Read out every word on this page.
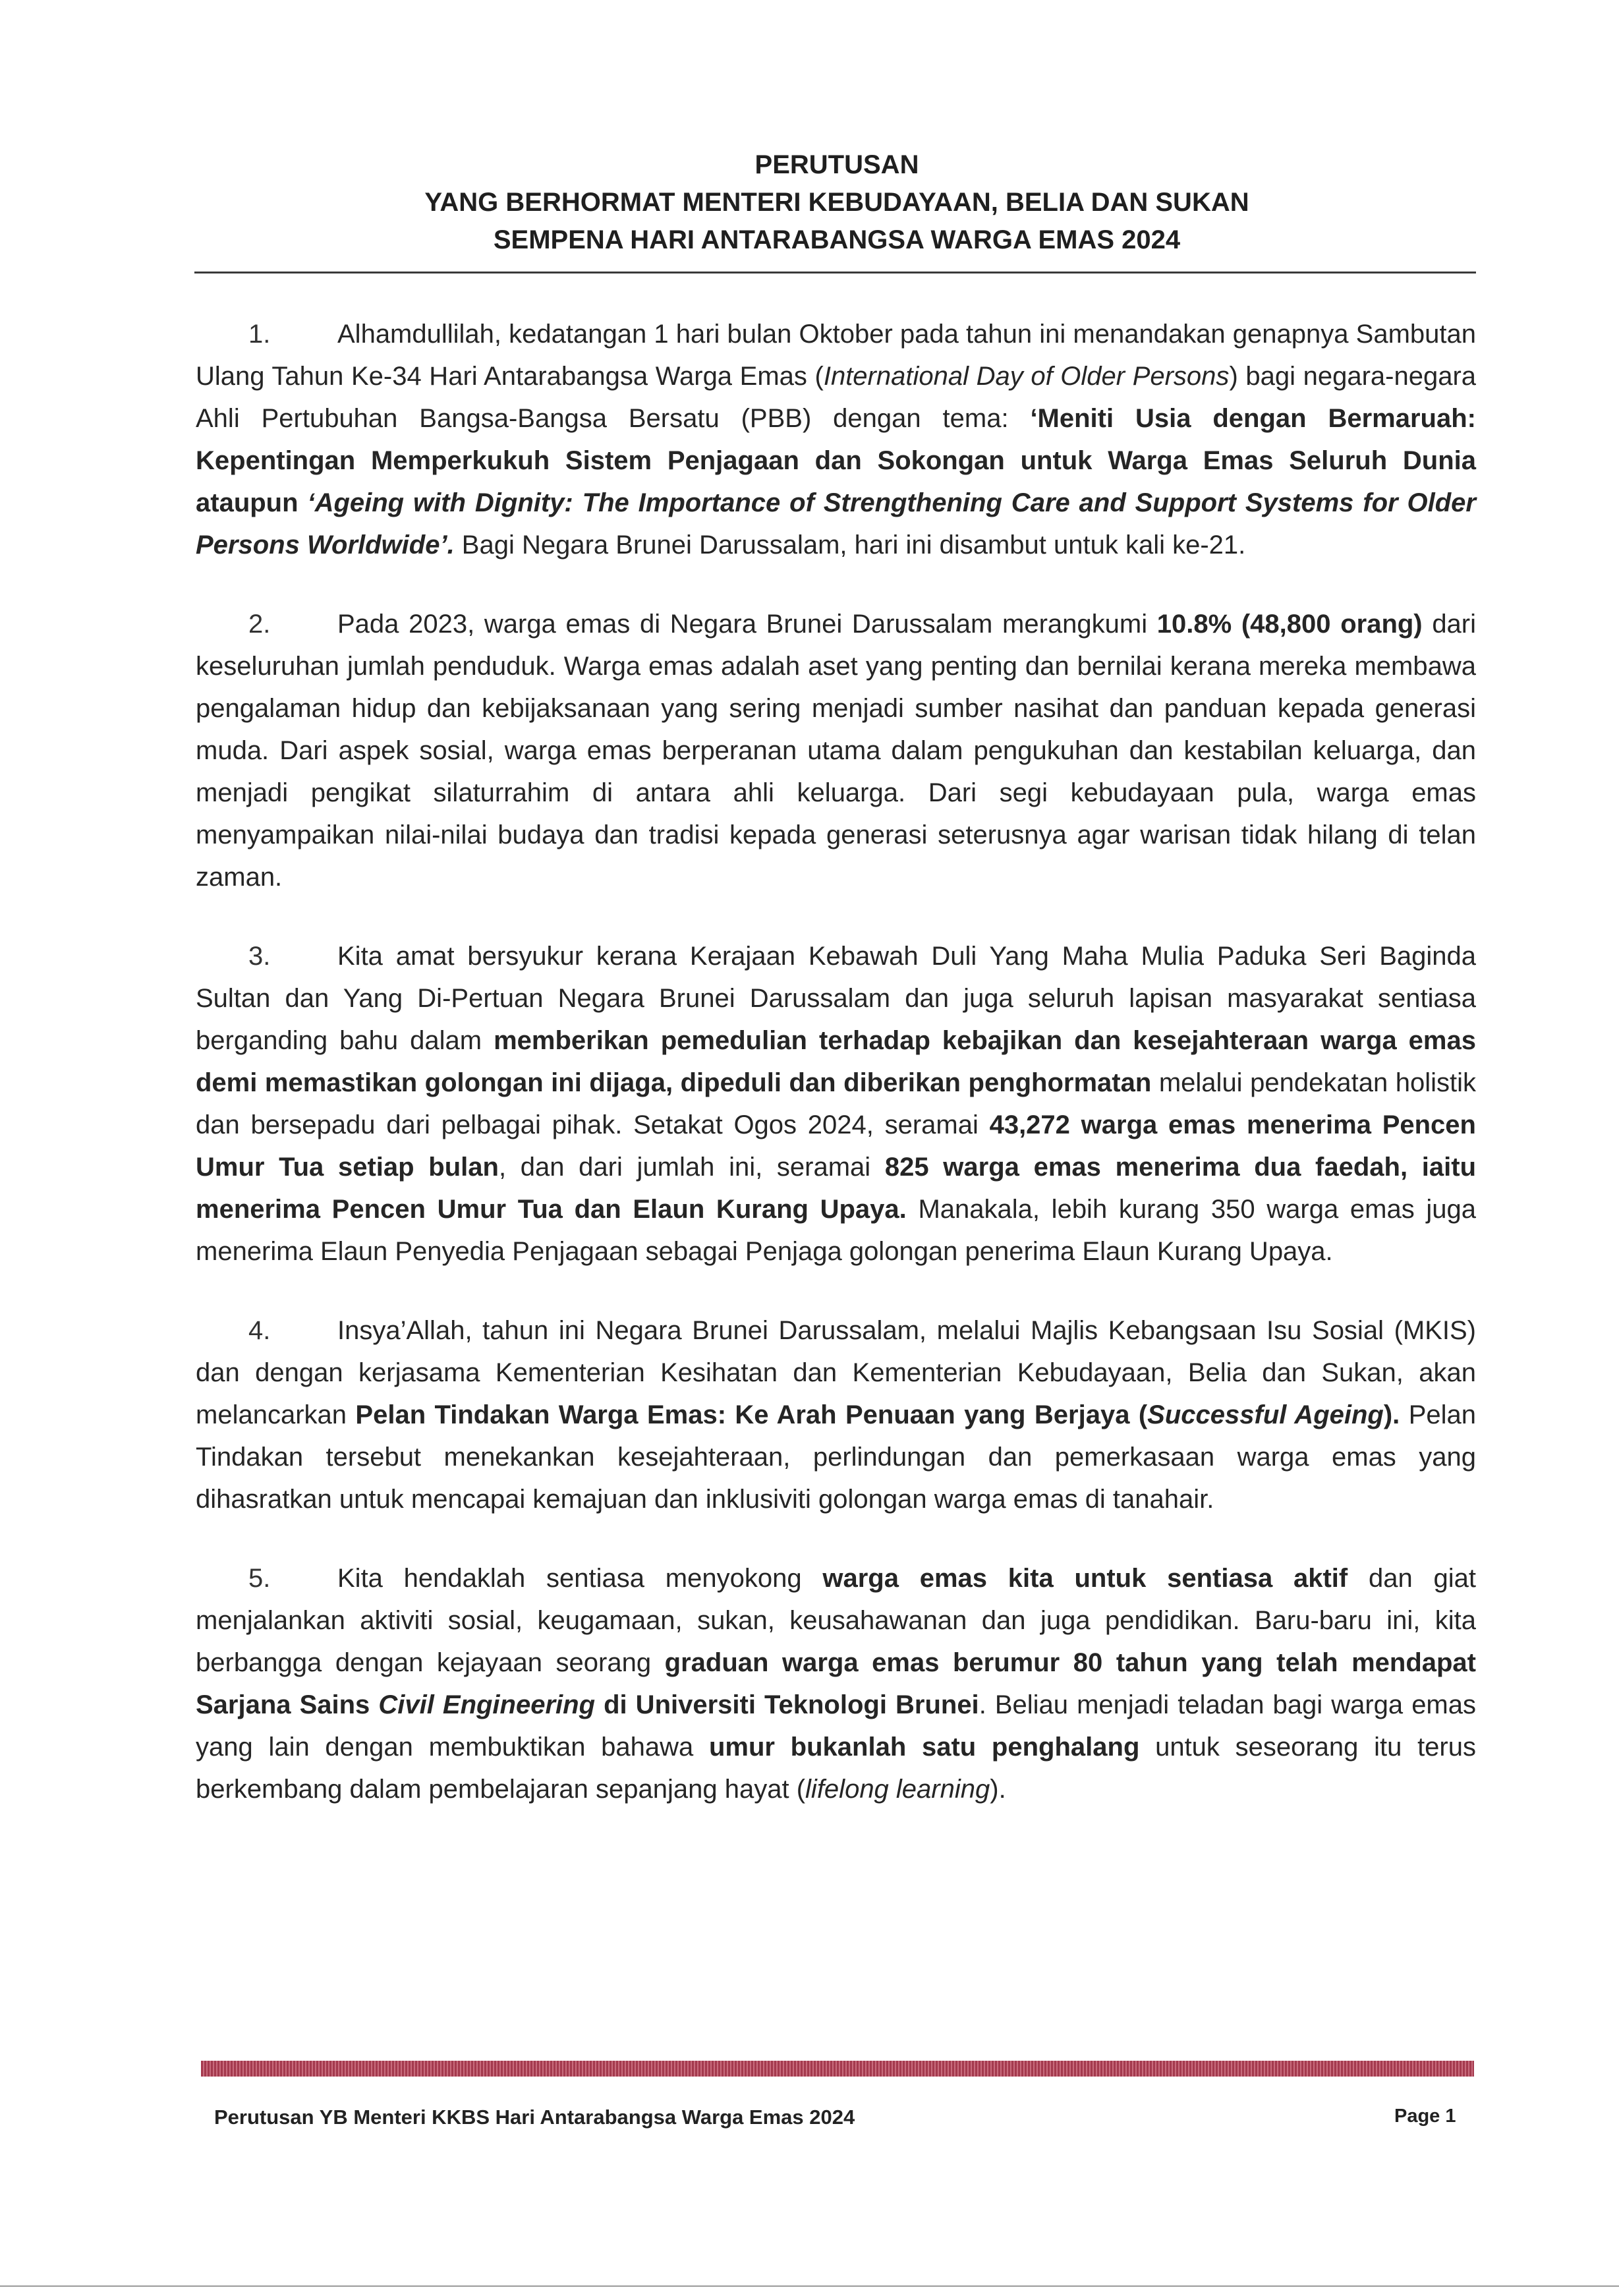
PERUTUSAN
YANG BERHORMAT MENTERI KEBUDAYAAN, BELIA DAN SUKAN
SEMPENA HARI ANTARABANGSA WARGA EMAS 2024

1.	Alhamdullilah, kedatangan 1 hari bulan Oktober pada tahun ini menandakan genapnya Sambutan Ulang Tahun Ke-34 Hari Antarabangsa Warga Emas (International Day of Older Persons) bagi negara-negara Ahli Pertubuhan Bangsa-Bangsa Bersatu (PBB) dengan tema: ‘Meniti Usia dengan Bermaruah: Kepentingan Memperkukuh Sistem Penjagaan dan Sokongan untuk Warga Emas Seluruh Dunia ataupun ‘Ageing with Dignity: The Importance of Strengthening Care and Support Systems for Older Persons Worldwide’. Bagi Negara Brunei Darussalam, hari ini disambut untuk kali ke-21.

2.	Pada 2023, warga emas di Negara Brunei Darussalam merangkumi 10.8% (48,800 orang) dari keseluruhan jumlah penduduk. Warga emas adalah aset yang penting dan bernilai kerana mereka membawa pengalaman hidup dan kebijaksanaan yang sering menjadi sumber nasihat dan panduan kepada generasi muda. Dari aspek sosial, warga emas berperanan utama dalam pengukuhan dan kestabilan keluarga, dan menjadi pengikat silaturrahim di antara ahli keluarga. Dari segi kebudayaan pula, warga emas menyampaikan nilai-nilai budaya dan tradisi kepada generasi seterusnya agar warisan tidak hilang di telan zaman.

3.	Kita amat bersyukur kerana Kerajaan Kebawah Duli Yang Maha Mulia Paduka Seri Baginda Sultan dan Yang Di-Pertuan Negara Brunei Darussalam dan juga seluruh lapisan masyarakat sentiasa berganding bahu dalam memberikan pemedulian terhadap kebajikan dan kesejahteraan warga emas demi memastikan golongan ini dijaga, dipeduli dan diberikan penghormatan melalui pendekatan holistik dan bersepadu dari pelbagai pihak. Setakat Ogos 2024, seramai 43,272 warga emas menerima Pencen Umur Tua setiap bulan, dan dari jumlah ini, seramai 825 warga emas menerima dua faedah, iaitu menerima Pencen Umur Tua dan Elaun Kurang Upaya. Manakala, lebih kurang 350 warga emas juga menerima Elaun Penyedia Penjagaan sebagai Penjaga golongan penerima Elaun Kurang Upaya.

4.	Insya’Allah, tahun ini Negara Brunei Darussalam, melalui Majlis Kebangsaan Isu Sosial (MKIS) dan dengan kerjasama Kementerian Kesihatan dan Kementerian Kebudayaan, Belia dan Sukan, akan melancarkan Pelan Tindakan Warga Emas: Ke Arah Penuaan yang Berjaya (Successful Ageing). Pelan Tindakan tersebut menekankan kesejahteraan, perlindungan dan pemerkasaan warga emas yang dihasratkan untuk mencapai kemajuan dan inklusiviti golongan warga emas di tanahair.

5.	Kita hendaklah sentiasa menyokong warga emas kita untuk sentiasa aktif dan giat menjalankan aktiviti sosial, keugamaan, sukan, keusahawanan dan juga pendidikan. Baru-baru ini, kita berbangga dengan kejayaan seorang graduan warga emas berumur 80 tahun yang telah mendapat Sarjana Sains Civil Engineering di Universiti Teknologi Brunei. Beliau menjadi teladan bagi warga emas yang lain dengan membuktikan bahawa umur bukanlah satu penghalang untuk seseorang itu terus berkembang dalam pembelajaran sepanjang hayat (lifelong learning).

Perutusan YB Menteri KKBS Hari Antarabangsa Warga Emas 2024	Page 1
